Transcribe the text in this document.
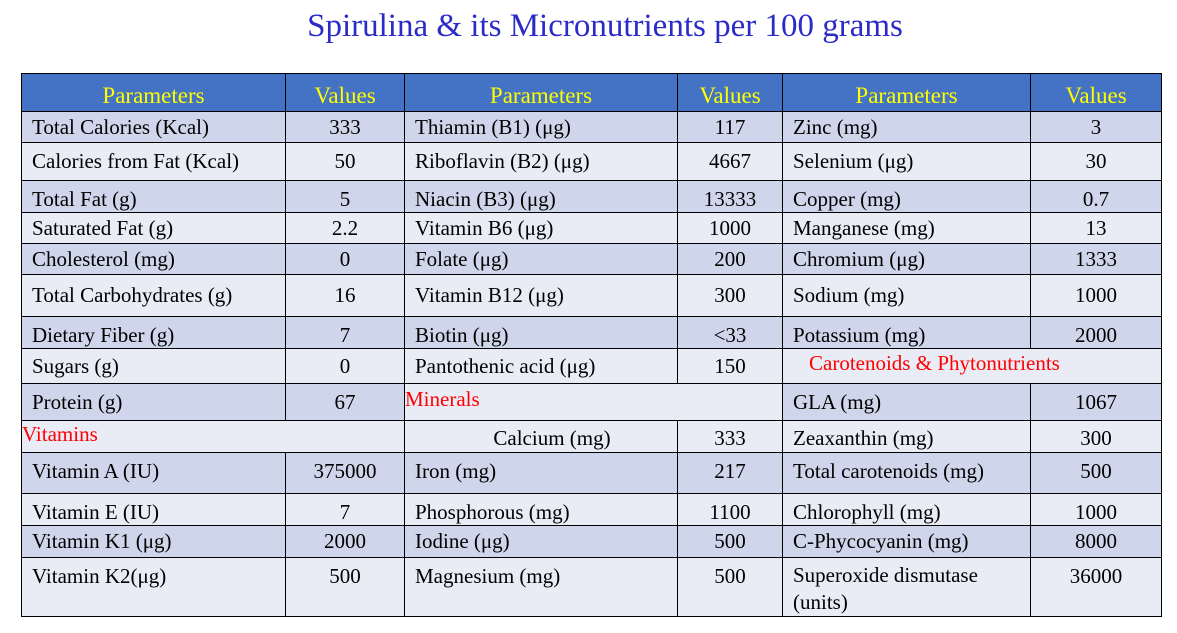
Spirulina & its Micronutrients per 100 grams
Parameters	Values	Parameters	Values	Parameters	Values
Total Calories (Kcal)	333	Thiamin (B1) (μg)	117	Zinc (mg)	3
Calories from Fat (Kcal)	50	Riboflavin (B2) (μg)	4667	Selenium (μg)	30
Total Fat (g)	5	Niacin (B3) (μg)	13333	Copper (mg)	0.7
Saturated Fat (g)	2.2	Vitamin B6 (μg)	1000	Manganese (mg)	13
Cholesterol (mg)	0	Folate (μg)	200	Chromium (μg)	1333
Total Carbohydrates (g)	16	Vitamin B12 (μg)	300	Sodium (mg)	1000
Dietary Fiber (g)	7	Biotin (μg)	<33	Potassium (mg)	2000
Sugars (g)	0	Pantothenic acid (μg)	150	Carotenoids & Phytonutrients	
Protein (g)	67	Minerals		GLA (mg)	1067
Vitamins		Calcium (mg)	333	Zeaxanthin (mg)	300
Vitamin A (IU)	375000	Iron (mg)	217	Total carotenoids (mg)	500
Vitamin E (IU)	7	Phosphorous (mg)	1100	Chlorophyll (mg)	1000
Vitamin K1 (μg)	2000	Iodine (μg)	500	C-Phycocyanin (mg)	8000
Vitamin K2(μg)	500	Magnesium (mg)	500	Superoxide dismutase (units)	36000
